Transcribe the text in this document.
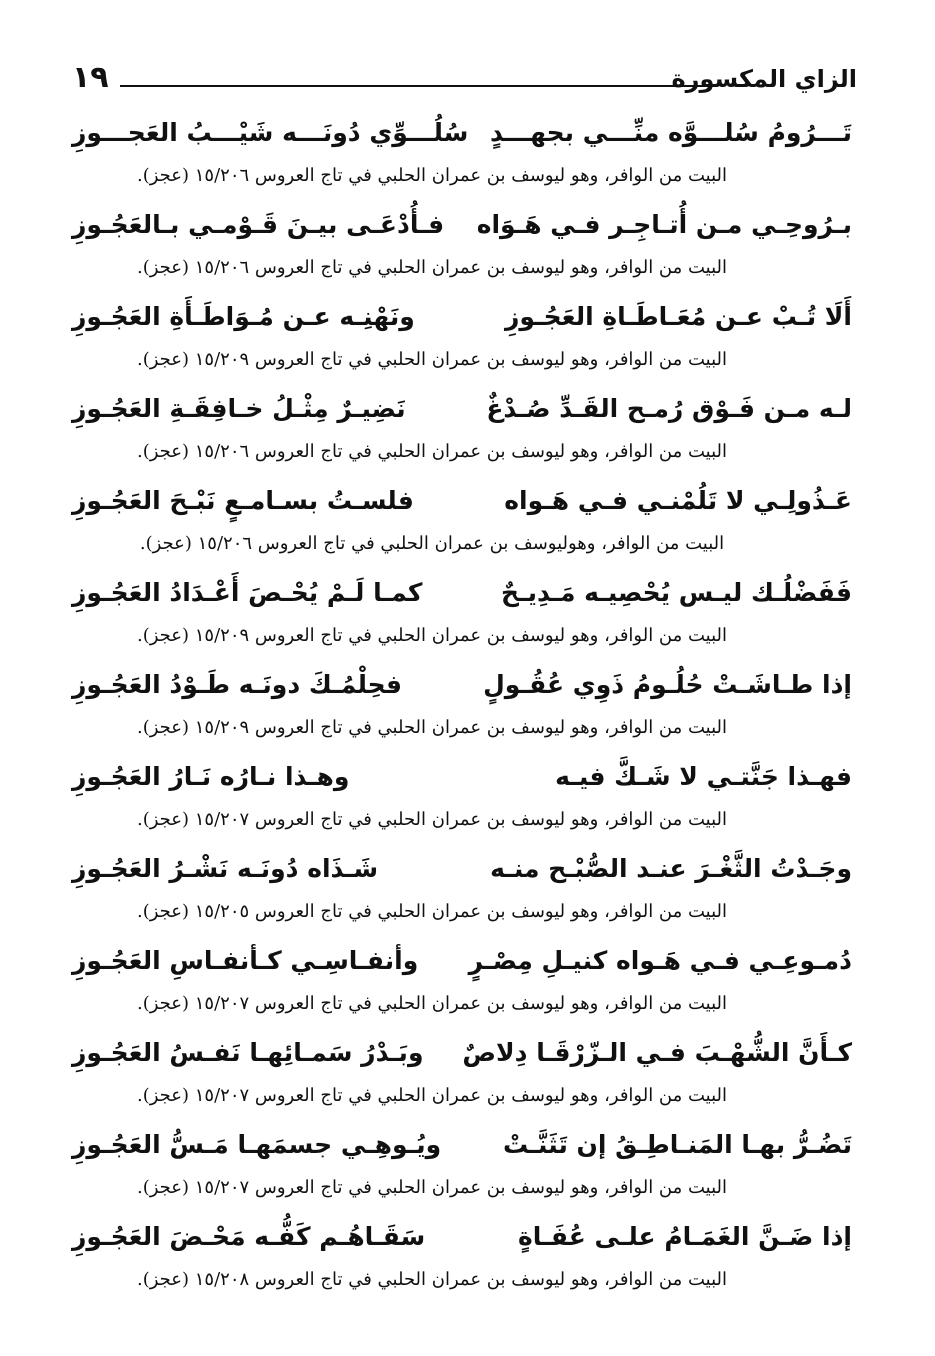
١٩	الزاي المكسورة
تَـــرُومُ سُلـــوَّه منِّـــي بجهـــدٍ
سُلُـــوِّي دُونَـــه شَيْـــبُ العَجـــوزِ
البيت من الوافر، وهو ليوسف بن عمران الحلبي في تاج العروس ١٥/٢٠٦ (عجز).
بـرُوحِـي مـن أُتـاجِـر فـي هَـوَاه
فـأُدْعَـى بيـنَ قَـوْمـي بـالعَجُـوزِ
البيت من الوافر، وهو ليوسف بن عمران الحلبي في تاج العروس ١٥/٢٠٦ (عجز).
أَلَا تُـبْ عـن مُعَـاطَـاةِ العَجُـوزِ
ونَهْنِـه عـن مُـوَاطَـأَةِ العَجُـوزِ
البيت من الوافر، وهو ليوسف بن عمران الحلبي في تاج العروس ١٥/٢٠٩ (عجز).
لـه مـن فَـوْق رُمـح القَـدِّ صُـدْغٌ
نَضِيـرٌ مِثْـلُ خـافِقَـةِ العَجُـوزِ
البيت من الوافر، وهو ليوسف بن عمران الحلبي في تاج العروس ١٥/٢٠٦ (عجز).
عَـذُولِـي لا تَلُمْنـي فـي هَـواه
فلسـتُ بسـامـعٍ نَبْـحَ العَجُـوزِ
البيت من الوافر، وهوليوسف بن عمران الحلبي في تاج العروس ١٥/٢٠٦ (عجز).
فَفَضْلُـك ليـس يُحْصِيـه مَـدِيـحٌ
كمـا لَـمْ يُحْـصَ أَعْـدَادُ العَجُـوزِ
البيت من الوافر، وهو ليوسف بن عمران الحلبي في تاج العروس ١٥/٢٠٩ (عجز).
إذا طـاشَـتْ حُلُـومُ ذَوِي عُقُـولٍ
فحِلْمُـكَ دونَـه طَـوْدُ العَجُـوزِ
البيت من الوافر، وهو ليوسف بن عمران الحلبي في تاج العروس ١٥/٢٠٩ (عجز).
فهـذا جَنَّتـي لا شَـكَّ فيـه
وهـذا نـارُه نَـارُ العَجُـوزِ
البيت من الوافر، وهو ليوسف بن عمران الحلبي في تاج العروس ١٥/٢٠٧ (عجز).
وجَـدْتُ الثَّغْـرَ عنـد الصُّبْـح منـه
شَـذَاه دُونَـه نَشْـرُ العَجُـوزِ
البيت من الوافر، وهو ليوسف بن عمران الحلبي في تاج العروس ١٥/٢٠٥ (عجز).
دُمـوعِـي فـي هَـواه كنيـلِ مِصْـرٍ
وأنفـاسِـي كـأنفـاسِ العَجُـوزِ
البيت من الوافر، وهو ليوسف بن عمران الحلبي في تاج العروس ١٥/٢٠٧ (عجز).
كـأَنَّ الشُّهْـبَ فـي الـزّرْقَـا دِلاصٌ
وبَـدْرُ سَمـائِهـا نَفـسُ العَجُـوزِ
البيت من الوافر، وهو ليوسف بن عمران الحلبي في تاج العروس ١٥/٢٠٧ (عجز).
تَضُـرُّ بهـا المَنـاطِـقُ إن تَثَنَّـتْ
ويُـوهِـي جسمَهـا مَـسُّ العَجُـوزِ
البيت من الوافر، وهو ليوسف بن عمران الحلبي في تاج العروس ١٥/٢٠٧ (عجز).
إذا ضَـنَّ الغَمَـامُ علـى عُفَـاةٍ
سَقَـاهُـم كَفُّـه مَحْـضَ العَجُـوزِ
البيت من الوافر، وهو ليوسف بن عمران الحلبي في تاج العروس ١٥/٢٠٨ (عجز).
